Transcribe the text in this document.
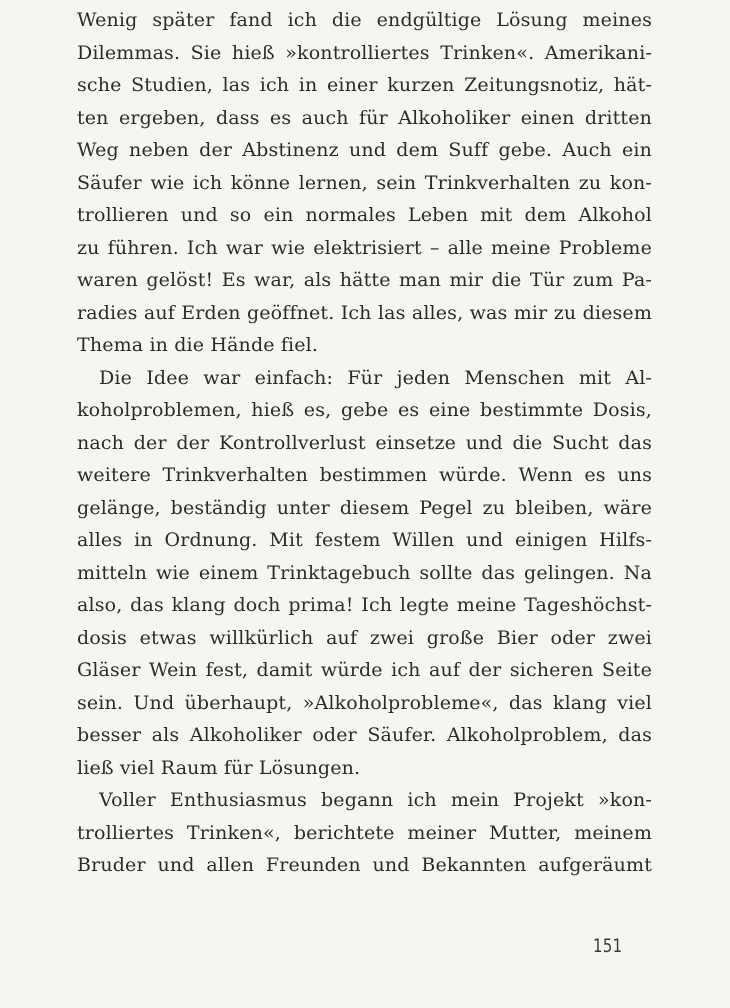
Wenig später fand ich die endgültige Lösung meines
Dilemmas. Sie hieß »kontrolliertes Trinken«. Amerikani-
sche Studien, las ich in einer kurzen Zeitungsnotiz, hät-
ten ergeben, dass es auch für Alkoholiker einen dritten
Weg neben der Abstinenz und dem Suff gebe. Auch ein
Säufer wie ich könne lernen, sein Trinkverhalten zu kon-
trollieren und so ein normales Leben mit dem Alkohol
zu führen. Ich war wie elektrisiert – alle meine Probleme
waren gelöst! Es war, als hätte man mir die Tür zum Pa-
radies auf Erden geöffnet. Ich las alles, was mir zu diesem
Thema in die Hände fiel.
Die Idee war einfach: Für jeden Menschen mit Al-
koholproblemen, hieß es, gebe es eine bestimmte Dosis,
nach der der Kontrollverlust einsetze und die Sucht das
weitere Trinkverhalten bestimmen würde. Wenn es uns
gelänge, beständig unter diesem Pegel zu bleiben, wäre
alles in Ordnung. Mit festem Willen und einigen Hilfs-
mitteln wie einem Trinktagebuch sollte das gelingen. Na
also, das klang doch prima! Ich legte meine Tageshöchst-
dosis etwas willkürlich auf zwei große Bier oder zwei
Gläser Wein fest, damit würde ich auf der sicheren Seite
sein. Und überhaupt, »Alkoholprobleme«, das klang viel
besser als Alkoholiker oder Säufer. Alkoholproblem, das
ließ viel Raum für Lösungen.
Voller Enthusiasmus begann ich mein Projekt »kon-
trolliertes Trinken«, berichtete meiner Mutter, meinem
Bruder und allen Freunden und Bekannten aufgeräumt
151
